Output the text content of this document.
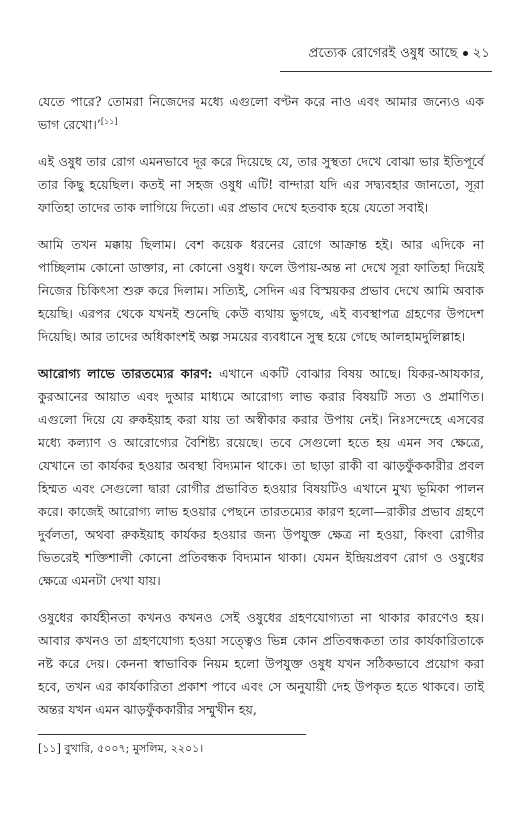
প্রত্যেক রোগেরই ওষুধ আছে ২১

যেতে পারে? তোমরা নিজেদের মধ্যে এগুলো বণ্টন করে নাও এবং আমার জন্যেও এক ভাগ রেখো।’[১১]

এই ওষুধ তার রোগ এমনভাবে দূর করে দিয়েছে যে, তার সুস্থতা দেখে বোঝা ভার ইতিপূর্বে তার কিছু হয়েছিল। কতই না সহজ ওষুধ এটি! বান্দারা যদি এর সদ্ব্যবহার জানতো, সূরা ফাতিহা তাদের তাক লাগিয়ে দিতো। এর প্রভাব দেখে হতবাক হয়ে যেতো সবাই।

আমি তখন মক্কায় ছিলাম। বেশ কয়েক ধরনের রোগে আক্রান্ত হই। আর এদিকে না পাচ্ছিলাম কোনো ডাক্তার, না কোনো ওষুধ। ফলে উপায়-অন্ত না দেখে সূরা ফাতিহা দিয়েই নিজের চিকিৎসা শুরু করে দিলাম। সত্যিই, সেদিন এর বিস্ময়কর প্রভাব দেখে আমি অবাক হয়েছি। এরপর থেকে যখনই শুনেছি কেউ ব্যথায় ভুগছে, এই ব্যবস্থাপত্র গ্রহণের উপদেশ দিয়েছি। আর তাদের অধিকাংশই অল্প সময়ের ব্যবধানে সুস্থ হয়ে গেছে আলহামদুলিল্লাহ।

আরোগ্য লাভে তারতম্যের কারণ: এখানে একটি বোঝার বিষয় আছে। যিকর-আযকার, কুরআনের আয়াত এবং দুআর মাধ্যমে আরোগ্য লাভ করার বিষয়টি সত্য ও প্রমাণিত। এগুলো দিয়ে যে রুকইয়াহ করা যায় তা অস্বীকার করার উপায় নেই। নিঃসন্দেহে এসবের মধ্যে কল্যাণ ও আরোগ্যের বৈশিষ্ট্য রয়েছে। তবে সেগুলো হতে হয় এমন সব ক্ষেত্রে, যেখানে তা কার্যকর হওয়ার অবস্থা বিদ্যমান থাকে। তা ছাড়া রাকী বা ঝাড়ফুঁককারীর প্রবল হিম্মত এবং সেগুলো দ্বারা রোগীর প্রভাবিত হওয়ার বিষয়টিও এখানে মুখ্য ভূমিকা পালন করে। কাজেই আরোগ্য লাভ হওয়ার পেছনে তারতম্যের কারণ হলো—রাকীর প্রভাব গ্রহণে দুর্বলতা, অথবা রুকইয়াহ কার্যকর হওয়ার জন্য উপযুক্ত ক্ষেত্র না হওয়া, কিংবা রোগীর ভিতরেই শক্তিশালী কোনো প্রতিবন্ধক বিদ্যমান থাকা। যেমন ইন্দ্রিয়প্রবণ রোগ ও ওষুধের ক্ষেত্রে এমনটা দেখা যায়।

ওষুধের কার্যহীনতা কখনও কখনও সেই ওষুধের গ্রহণযোগ্যতা না থাকার কারণেও হয়। আবার কখনও তা গ্রহণযোগ্য হওয়া সত্ত্বেও ভিন্ন কোন প্রতিবন্ধকতা তার কার্যকারিতাকে নষ্ট করে দেয়। কেননা স্বাভাবিক নিয়ম হলো উপযুক্ত ওষুধ যখন সঠিকভাবে প্রয়োগ করা হবে, তখন এর কার্যকারিতা প্রকাশ পাবে এবং সে অনুযায়ী দেহ উপকৃত হতে থাকবে। তাই অন্তর যখন এমন ঝাড়ফুঁককারীর সম্মুখীন হয়,

[১১] বুখারি, ৫০০৭; মুসলিম, ২২০১।
